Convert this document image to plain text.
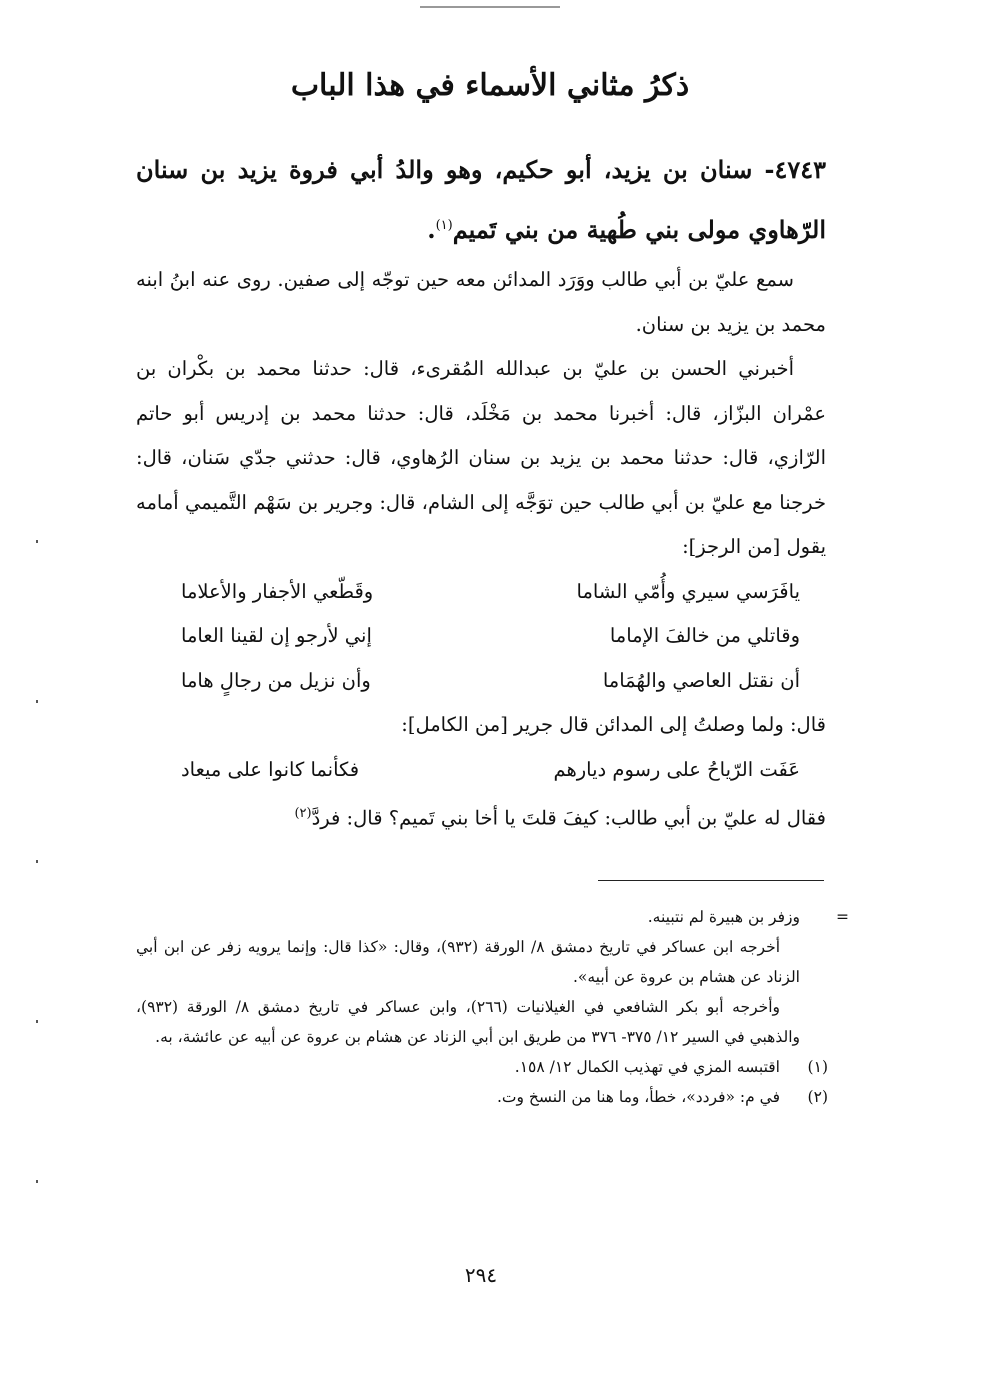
ذكرُ مثاني الأسماء في هذا الباب
٤٧٤٣- سنان بن يزيد، أبو حكيم، وهو والدُ أبي فروة يزيد بن سنان الرّهاوي مولى بني طُهية من بني تَميم$^{(١)}$.

سمع عليّ بن أبي طالب ووَرَد المدائن معه حين توجّه إلى صفين. روى عنه ابنُ ابنه محمد بن يزيد بن سنان.

أخبرني الحسن بن عليّ بن عبدالله المُقرىء، قال: حدثنا محمد بن بكْران بن عمْران البزّاز، قال: أخبرنا محمد بن مَخْلَد، قال: حدثنا محمد بن إدريس أبو حاتم الرّازي، قال: حدثنا محمد بن يزيد بن سنان الرُهاوي، قال: حدثني جدّي سَنان، قال: خرجنا مع عليّ بن أبي طالب حين توَجَّه إلى الشام، قال: وجرير بن سَهْم التَّميمي أمامه يقول [من الرجز]:

يافَرَسي سيري وأُمّي الشاما
وقَطّعي الأجفار والأعلاما
وقاتلي من خالفَ الإماما
إني لأرجو إن لقينا العاما
أن نقتل العاصي والهُمَاما
وأن نزيل من رجالٍ هاما

قال: ولما وصلتُ إلى المدائن قال جرير [من الكامل]:

عَفَت الرّياحُ على رسوم ديارهم
فكأنما كانوا على ميعاد

فقال له عليّ بن أبي طالب: كيفَ قلتَ يا أخا بني تَميم؟ قال: فردَّ$^{(٢)}$

=

وزفر بن هبيرة لم نتبينه.

أخرجه ابن عساكر في تاريخ دمشق ٨/ الورقة (٩٣٢)، وقال: «كذا قال: وإنما يرويه زفر عن ابن أبي الزناد عن هشام بن عروة عن أبيه».

وأخرجه أبو بكر الشافعي في الغيلانيات (٢٦٦)، وابن عساكر في تاريخ دمشق ٨/ الورقة (٩٣٢)، والذهبي في السير ١٢/ ٣٧٥- ٣٧٦ من طريق ابن أبي الزناد عن هشام بن عروة عن أبيه عن عائشة، به.

(١)
اقتبسه المزي في تهذيب الكمال ١٢/ ١٥٨.
(٢)
في م: «فردد»، خطأ، وما هنا من النسخ وت.
٢٩٤
